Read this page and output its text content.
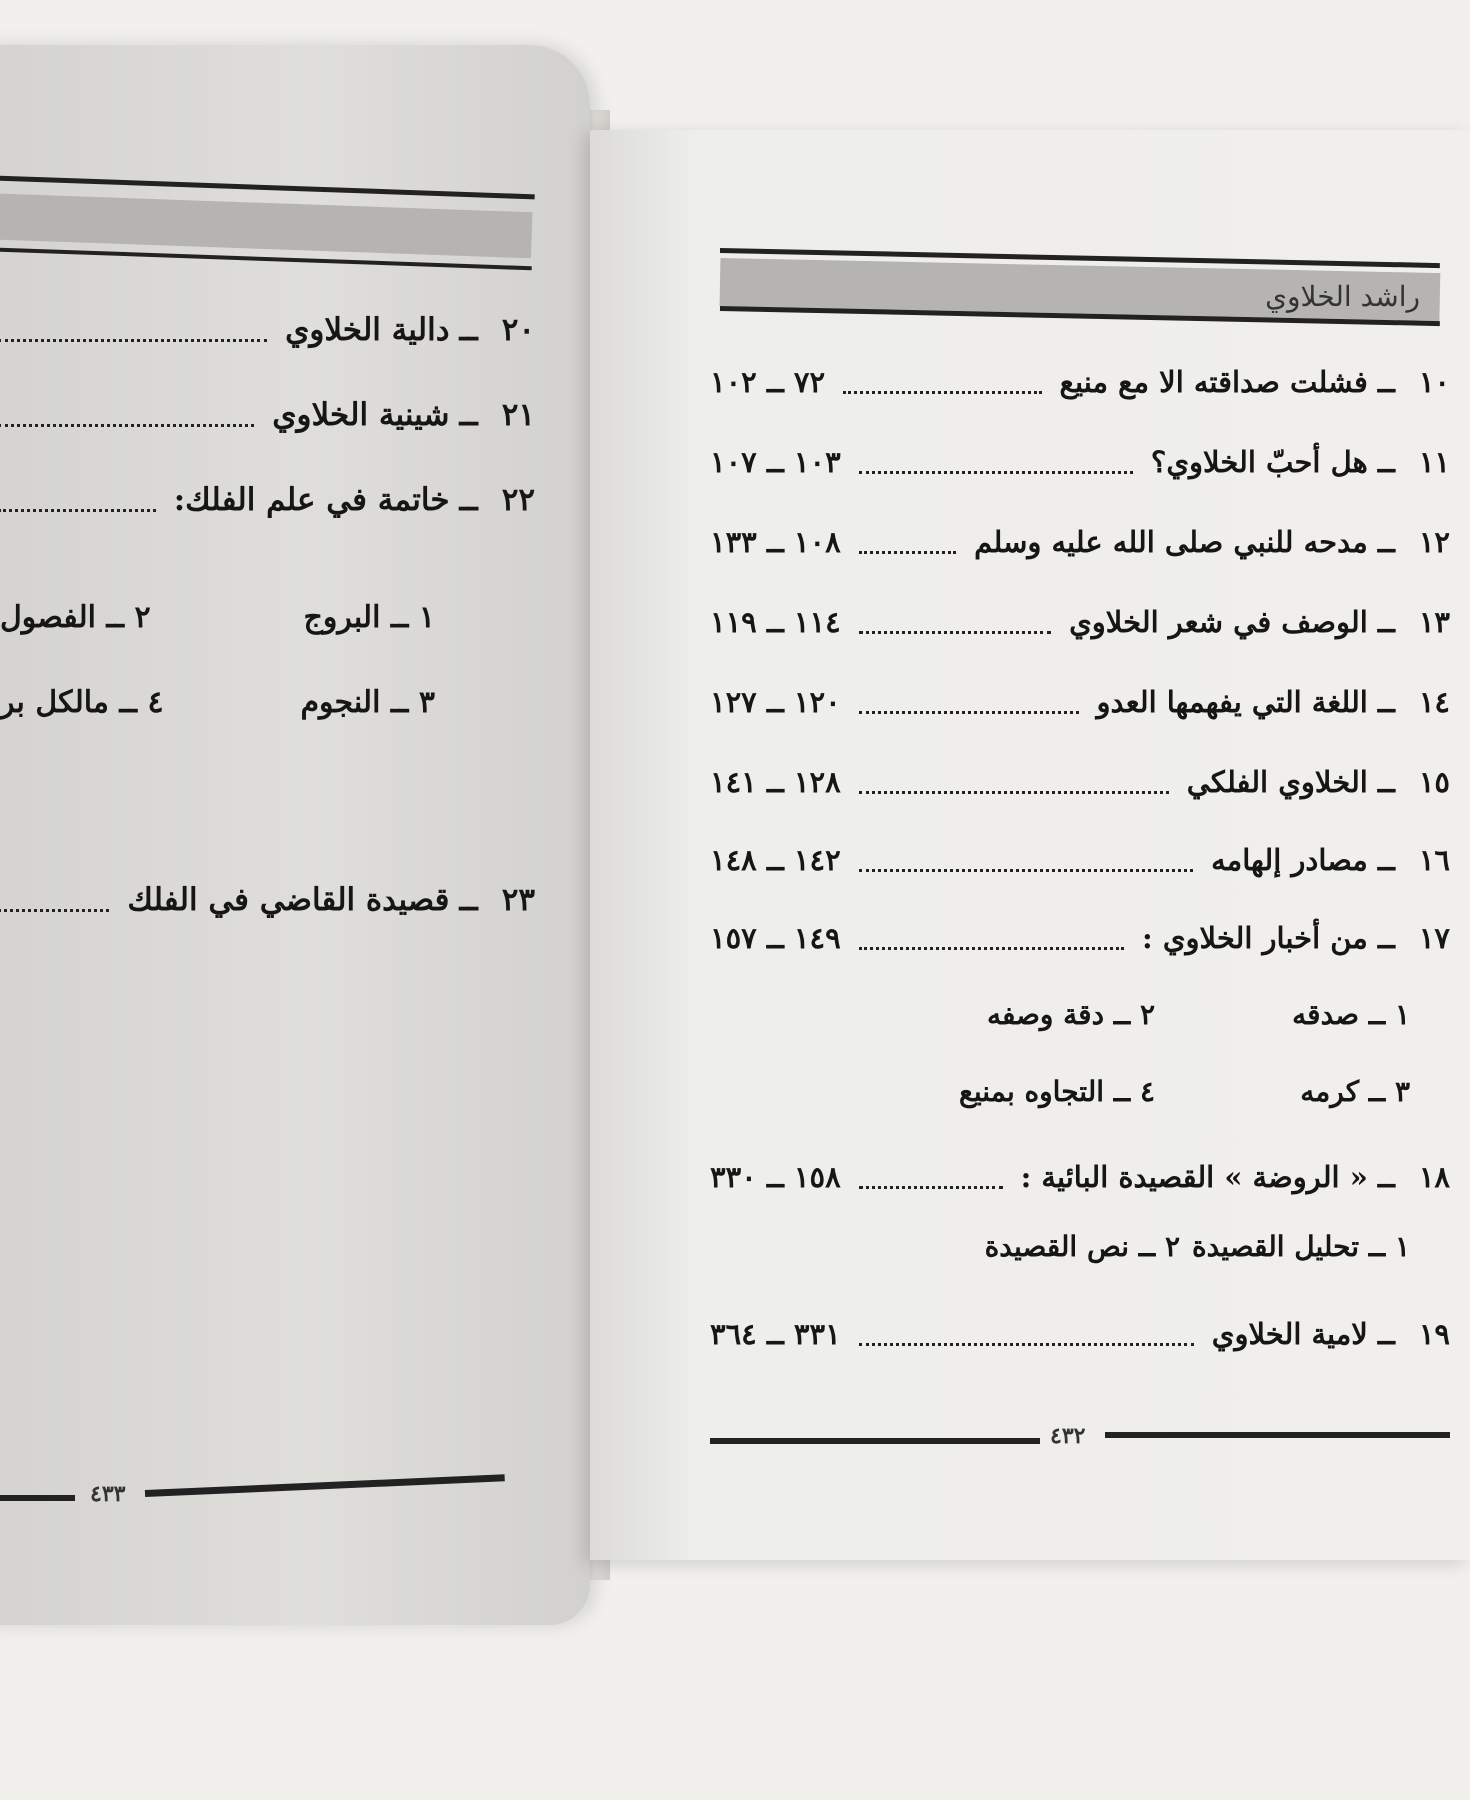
٢٠
ــ
دالية الخلاوي
٢١
ــ
شينية الخلاوي
٢٢
ــ
خاتمة في علم الفلك:
٢٣
ــ
قصيدة القاضي في الفلك
١ ــ البروج
٢ ــ الفصول
٣ ــ النجوم
٤ ــ مالكل بر
٤٣٣
راشد الخلاوي
١٠
ــ
فشلت صداقته الا مع منيع
٧٢ ــ ١٠٢
١١
ــ
هل أحبّ الخلاوي؟
١٠٣ ــ ١٠٧
١٢
ــ
مدحه للنبي صلى الله عليه وسلم
١٠٨ ــ ١٣٣
١٣
ــ
الوصف في شعر الخلاوي
١١٤ ــ ١١٩
١٤
ــ
اللغة التي يفهمها العدو
١٢٠ ــ ١٢٧
١٥
ــ
الخلاوي الفلكي
١٢٨ ــ ١٤١
١٦
ــ
مصادر إلهامه
١٤٢ ــ ١٤٨
١٧
ــ
من أخبار الخلاوي :
١٤٩ ــ ١٥٧
١٨
ــ
« الروضة » القصيدة البائية :
١٥٨ ــ ٣٣٠
١٩
ــ
لامية الخلاوي
٣٣١ ــ ٣٦٤
١ ــ صدقه
٢ ــ دقة وصفه
٣ ــ كرمه
٤ ــ التجاوه بمنيع
١ ــ تحليل القصيدة
٢ ــ نص القصيدة
٤٣٢
